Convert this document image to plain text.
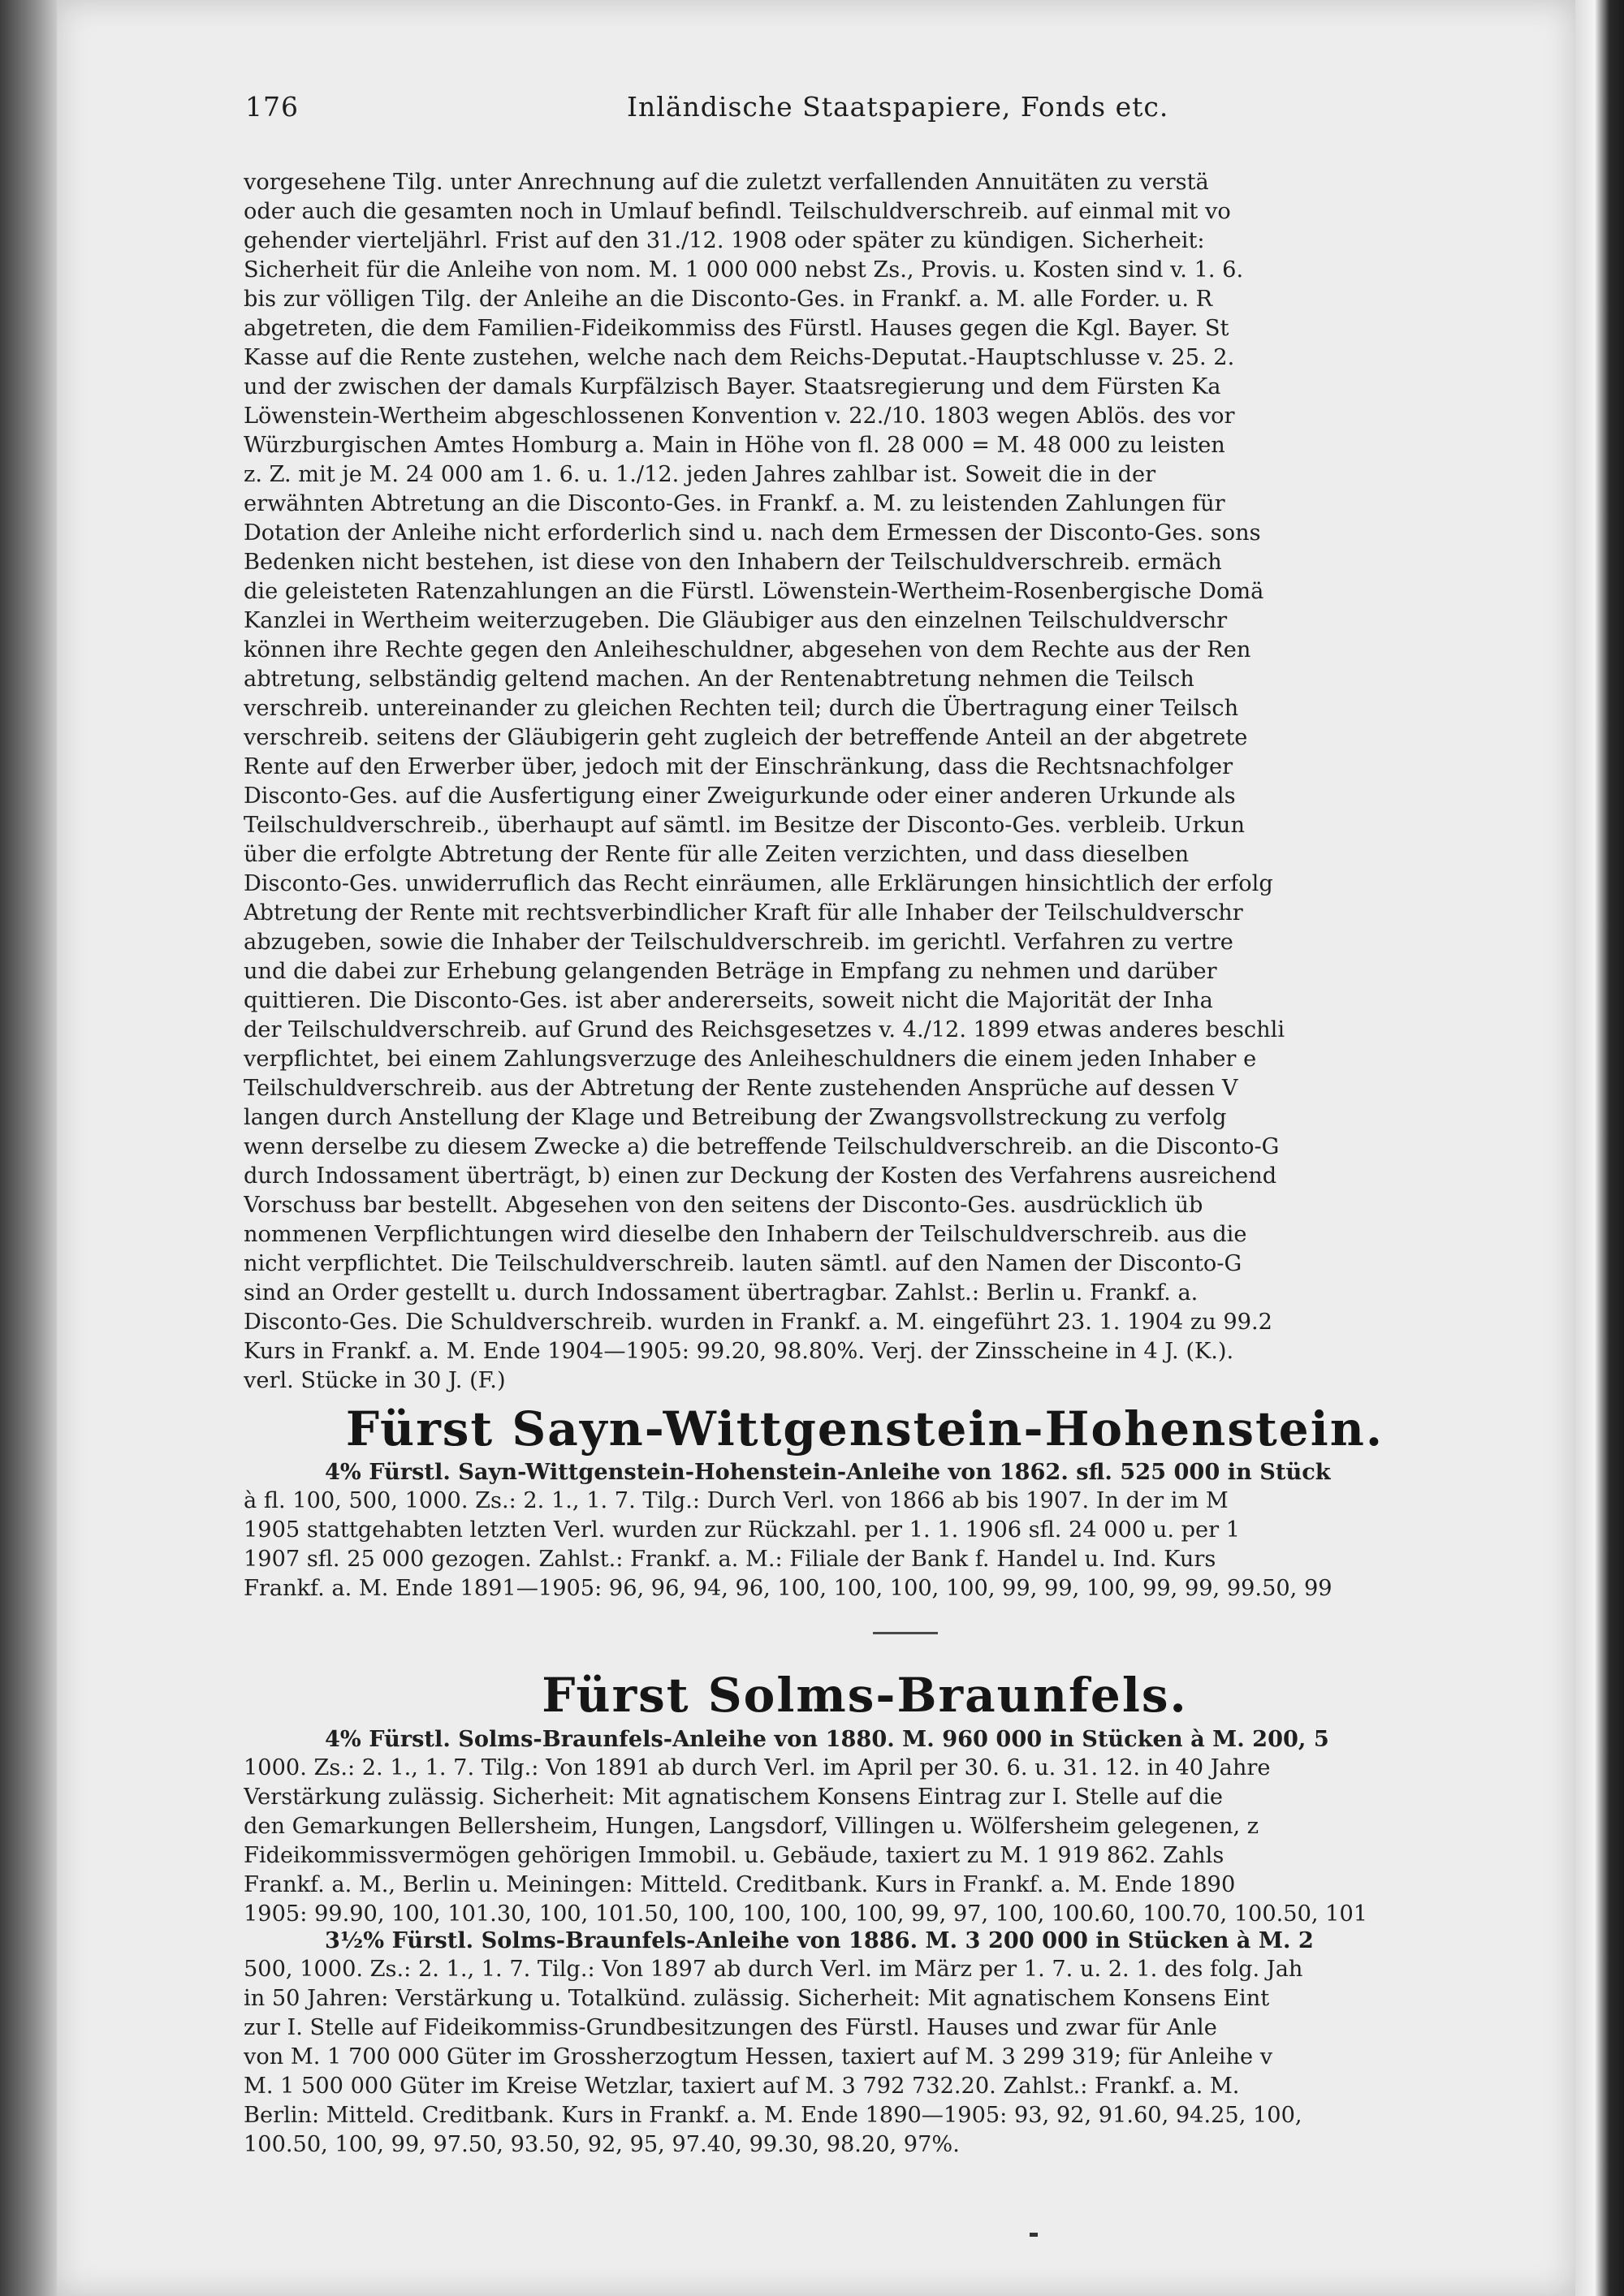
176	Inländische Staatspapiere, Fonds etc.
vorgesehene Tilg. unter Anrechnung auf die zuletzt verfallenden Annuitäten zu verstä
oder auch die gesamten noch in Umlauf befindl. Teilschuldverschreib. auf einmal mit vo
gehender vierteljährl. Frist auf den 31./12. 1908 oder später zu kündigen. Sicherheit:
Sicherheit für die Anleihe von nom. M. 1 000 000 nebst Zs., Provis. u. Kosten sind v. 1. 6.
bis zur völligen Tilg. der Anleihe an die Disconto-Ges. in Frankf. a. M. alle Forder. u. R
abgetreten, die dem Familien-Fideikommiss des Fürstl. Hauses gegen die Kgl. Bayer. St
Kasse auf die Rente zustehen, welche nach dem Reichs-Deputat.-Hauptschlusse v. 25. 2.
und der zwischen der damals Kurpfälzisch Bayer. Staatsregierung und dem Fürsten Ka
Löwenstein-Wertheim abgeschlossenen Konvention v. 22./10. 1803 wegen Ablös. des vor
Würzburgischen Amtes Homburg a. Main in Höhe von fl. 28 000 = M. 48 000 zu leisten
z. Z. mit je M. 24 000 am 1. 6. u. 1./12. jeden Jahres zahlbar ist. Soweit die in der
erwähnten Abtretung an die Disconto-Ges. in Frankf. a. M. zu leistenden Zahlungen für
Dotation der Anleihe nicht erforderlich sind u. nach dem Ermessen der Disconto-Ges. sons
Bedenken nicht bestehen, ist diese von den Inhabern der Teilschuldverschreib. ermäch
die geleisteten Ratenzahlungen an die Fürstl. Löwenstein-Wertheim-Rosenbergische Domä
Kanzlei in Wertheim weiterzugeben. Die Gläubiger aus den einzelnen Teilschuldverschr
können ihre Rechte gegen den Anleiheschuldner, abgesehen von dem Rechte aus der Ren
abtretung, selbständig geltend machen. An der Rentenabtretung nehmen die Teilsch
verschreib. untereinander zu gleichen Rechten teil; durch die Übertragung einer Teilsch
verschreib. seitens der Gläubigerin geht zugleich der betreffende Anteil an der abgetrete
Rente auf den Erwerber über, jedoch mit der Einschränkung, dass die Rechtsnachfolger
Disconto-Ges. auf die Ausfertigung einer Zweigurkunde oder einer anderen Urkunde als
Teilschuldverschreib., überhaupt auf sämtl. im Besitze der Disconto-Ges. verbleib. Urkun
über die erfolgte Abtretung der Rente für alle Zeiten verzichten, und dass dieselben
Disconto-Ges. unwiderruflich das Recht einräumen, alle Erklärungen hinsichtlich der erfolg
Abtretung der Rente mit rechtsverbindlicher Kraft für alle Inhaber der Teilschuldverschr
abzugeben, sowie die Inhaber der Teilschuldverschreib. im gerichtl. Verfahren zu vertre
und die dabei zur Erhebung gelangenden Beträge in Empfang zu nehmen und darüber
quittieren. Die Disconto-Ges. ist aber andererseits, soweit nicht die Majorität der Inha
der Teilschuldverschreib. auf Grund des Reichsgesetzes v. 4./12. 1899 etwas anderes beschli
verpflichtet, bei einem Zahlungsverzuge des Anleiheschuldners die einem jeden Inhaber e
Teilschuldverschreib. aus der Abtretung der Rente zustehenden Ansprüche auf dessen V
langen durch Anstellung der Klage und Betreibung der Zwangsvollstreckung zu verfolg
wenn derselbe zu diesem Zwecke a) die betreffende Teilschuldverschreib. an die Disconto-G
durch Indossament überträgt, b) einen zur Deckung der Kosten des Verfahrens ausreichend
Vorschuss bar bestellt. Abgesehen von den seitens der Disconto-Ges. ausdrücklich üb
nommenen Verpflichtungen wird dieselbe den Inhabern der Teilschuldverschreib. aus die
nicht verpflichtet. Die Teilschuldverschreib. lauten sämtl. auf den Namen der Disconto-G
sind an Order gestellt u. durch Indossament übertragbar. Zahlst.: Berlin u. Frankf. a.
Disconto-Ges. Die Schuldverschreib. wurden in Frankf. a. M. eingeführt 23. 1. 1904 zu 99.2
Kurs in Frankf. a. M. Ende 1904—1905: 99.20, 98.80%. Verj. der Zinsscheine in 4 J. (K.).
verl. Stücke in 30 J. (F.)
Fürst Sayn-Wittgenstein-Hohenstein.
4% Fürstl. Sayn-Wittgenstein-Hohenstein-Anleihe von 1862. sfl. 525 000 in Stück
à fl. 100, 500, 1000. Zs.: 2. 1., 1. 7. Tilg.: Durch Verl. von 1866 ab bis 1907. In der im M
1905 stattgehabten letzten Verl. wurden zur Rückzahl. per 1. 1. 1906 sfl. 24 000 u. per 1
1907 sfl. 25 000 gezogen. Zahlst.: Frankf. a. M.: Filiale der Bank f. Handel u. Ind. Kurs
Frankf. a. M. Ende 1891—1905: 96, 96, 94, 96, 100, 100, 100, 100, 99, 99, 100, 99, 99, 99.50, 99
Fürst Solms-Braunfels.
4% Fürstl. Solms-Braunfels-Anleihe von 1880. M. 960 000 in Stücken à M. 200, 5
1000. Zs.: 2. 1., 1. 7. Tilg.: Von 1891 ab durch Verl. im April per 30. 6. u. 31. 12. in 40 Jahre
Verstärkung zulässig. Sicherheit: Mit agnatischem Konsens Eintrag zur I. Stelle auf die
den Gemarkungen Bellersheim, Hungen, Langsdorf, Villingen u. Wölfersheim gelegenen, z
Fideikommissvermögen gehörigen Immobil. u. Gebäude, taxiert zu M. 1 919 862. Zahls
Frankf. a. M., Berlin u. Meiningen: Mitteld. Creditbank. Kurs in Frankf. a. M. Ende 1890
1905: 99.90, 100, 101.30, 100, 101.50, 100, 100, 100, 100, 99, 97, 100, 100.60, 100.70, 100.50, 101
3½% Fürstl. Solms-Braunfels-Anleihe von 1886. M. 3 200 000 in Stücken à M. 2
500, 1000. Zs.: 2. 1., 1. 7. Tilg.: Von 1897 ab durch Verl. im März per 1. 7. u. 2. 1. des folg. Jah
in 50 Jahren: Verstärkung u. Totalkünd. zulässig. Sicherheit: Mit agnatischem Konsens Eint
zur I. Stelle auf Fideikommiss-Grundbesitzungen des Fürstl. Hauses und zwar für Anle
von M. 1 700 000 Güter im Grossherzogtum Hessen, taxiert auf M. 3 299 319; für Anleihe v
M. 1 500 000 Güter im Kreise Wetzlar, taxiert auf M. 3 792 732.20. Zahlst.: Frankf. a. M.
Berlin: Mitteld. Creditbank. Kurs in Frankf. a. M. Ende 1890—1905: 93, 92, 91.60, 94.25, 100,
100.50, 100, 99, 97.50, 93.50, 92, 95, 97.40, 99.30, 98.20, 97%.
